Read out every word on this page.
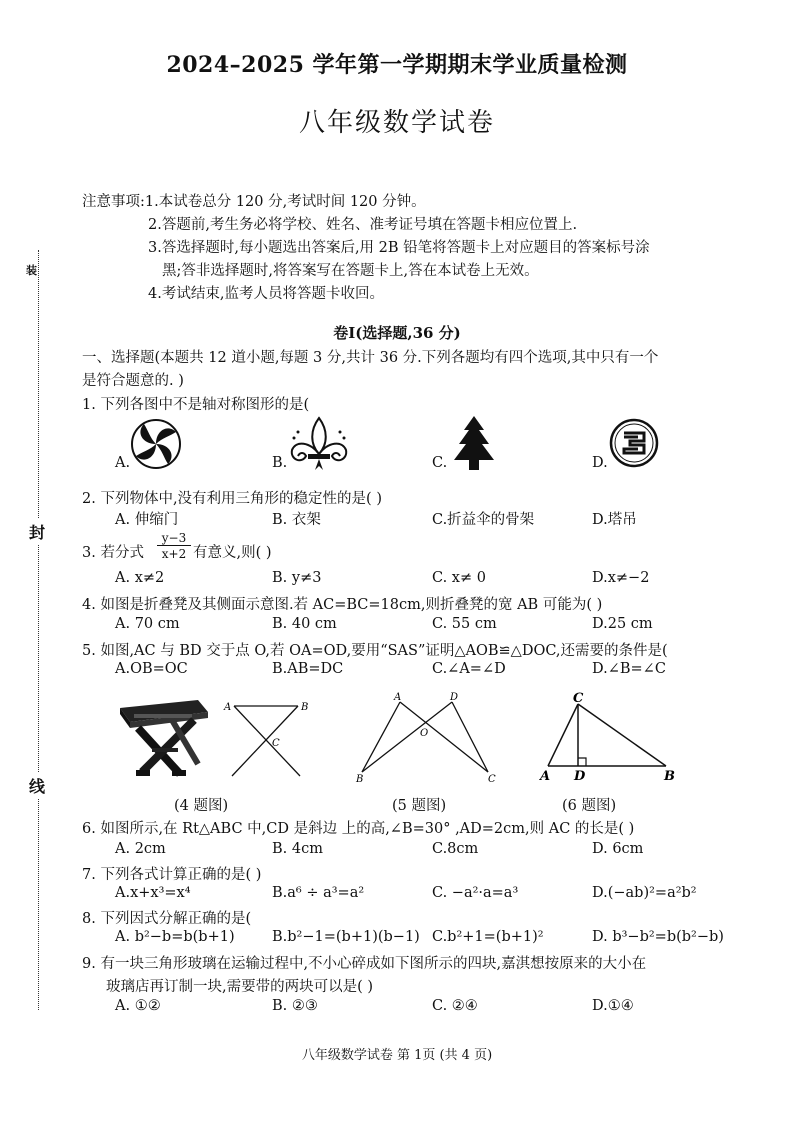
装
封
线
2024–2025 学年第一学期期末学业质量检测
八年级数学试卷
注意事项:1.本试卷总分 120 分,考试时间 120 分钟。
2.答题前,考生务必将学校、姓名、准考证号填在答题卡相应位置上.
3.答选择题时,每小题选出答案后,用 2B 铅笔将答题卡上对应题目的答案标号涂
黑;答非选择题时,将答案写在答题卡上,答在本试卷上无效。
4.考试结束,监考人员将答题卡收回。
卷Ⅰ(选择题,36 分)
一、选择题(本题共 12 道小题,每题 3 分,共计 36 分.下列各题均有四个选项,其中只有一个
是符合题意的. )
1. 下列各图中不是轴对称图形的是(
A.	B.	C.	D.
2. 下列物体中,没有利用三角形的稳定性的是( )
A. 伸缩门	B. 衣架	C.折益伞的骨架	D.塔吊
3. 若分式
y−3
x+2 有意义,则( )
A. x≠2	B. y≠3	C. x≠ 0	D.x≠−2
4. 如图是折叠凳及其侧面示意图.若 AC=BC=18cm,则折叠凳的宽 AB 可能为( )
A. 70 cm	B. 40 cm	C. 55 cm	D.25 cm
5. 如图,AC 与 BD 交于点 O,若 OA=OD,要用“SAS”证明△AOB≌△DOC,还需要的条件是(
A.OB=OC	B.AB=DC	C.∠A=∠D	D.∠B=∠C
A	B
C
A	D
O
B	C
C
A D	B
(4 题图)	(5 题图)	(6 题图)
6. 如图所示,在 Rt△ABC 中,CD 是斜边 上的高,∠B=30° ,AD=2cm,则 AC 的长是( )
A. 2cm	B. 4cm	C.8cm	D. 6cm
7. 下列各式计算正确的是( )
A.x+x³=x⁴	B.a⁶ ÷ a³=a²	C. −a²·a=a³	D.(−ab)²=a²b²
8. 下列因式分解正确的是(
A. b²−b=b(b+1)	B.b²−1=(b+1)(b−1) C.b²+1=(b+1)²	D. b³−b²=b(b²−b)
9. 有一块三角形玻璃在运输过程中,不小心碎成如下图所示的四块,嘉淇想按原来的大小在
玻璃店再订制一块,需要带的两块可以是( )
A. ①②	B. ②③	C. ②④	D.①④
八年级数学试卷 第 1页 (共 4 页)
